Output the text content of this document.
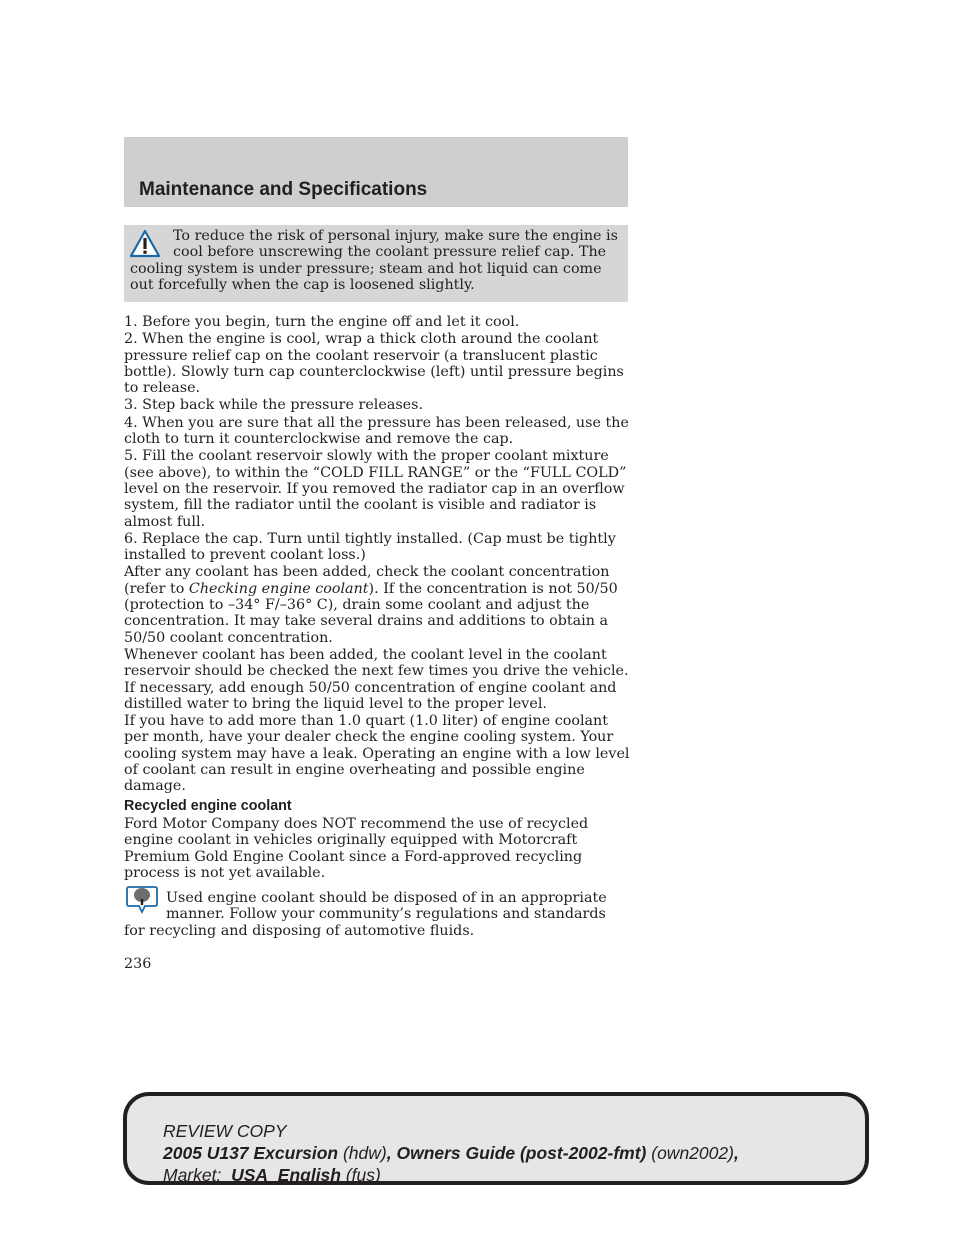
Maintenance and Specifications

To reduce the risk of personal injury, make sure the engine is cool before unscrewing the coolant pressure relief cap. The cooling system is under pressure; steam and hot liquid can come out forcefully when the cap is loosened slightly.

1. Before you begin, turn the engine off and let it cool.

2. When the engine is cool, wrap a thick cloth around the coolant pressure relief cap on the coolant reservoir (a translucent plastic bottle). Slowly turn cap counterclockwise (left) until pressure begins to release.

3. Step back while the pressure releases.

4. When you are sure that all the pressure has been released, use the cloth to turn it counterclockwise and remove the cap.

5. Fill the coolant reservoir slowly with the proper coolant mixture (see above), to within the “COLD FILL RANGE” or the “FULL COLD” level on the reservoir. If you removed the radiator cap in an overflow system, fill the radiator until the coolant is visible and radiator is almost full.

6. Replace the cap. Turn until tightly installed. (Cap must be tightly installed to prevent coolant loss.)

After any coolant has been added, check the coolant concentration (refer to Checking engine coolant). If the concentration is not 50/50 (protection to –34° F/–36° C), drain some coolant and adjust the concentration. It may take several drains and additions to obtain a 50/50 coolant concentration.

Whenever coolant has been added, the coolant level in the coolant reservoir should be checked the next few times you drive the vehicle. If necessary, add enough 50/50 concentration of engine coolant and distilled water to bring the liquid level to the proper level.

If you have to add more than 1.0 quart (1.0 liter) of engine coolant per month, have your dealer check the engine cooling system. Your cooling system may have a leak. Operating an engine with a low level of coolant can result in engine overheating and possible engine damage.

Recycled engine coolant

Ford Motor Company does NOT recommend the use of recycled engine coolant in vehicles originally equipped with Motorcraft Premium Gold Engine Coolant since a Ford-approved recycling process is not yet available.

Used engine coolant should be disposed of in an appropriate manner. Follow your community’s regulations and standards for recycling and disposing of automotive fluids.

236

REVIEW COPY
2005 U137 Excursion (hdw), Owners Guide (post-2002-fmt) (own2002),
Market: USA_English (fus)
